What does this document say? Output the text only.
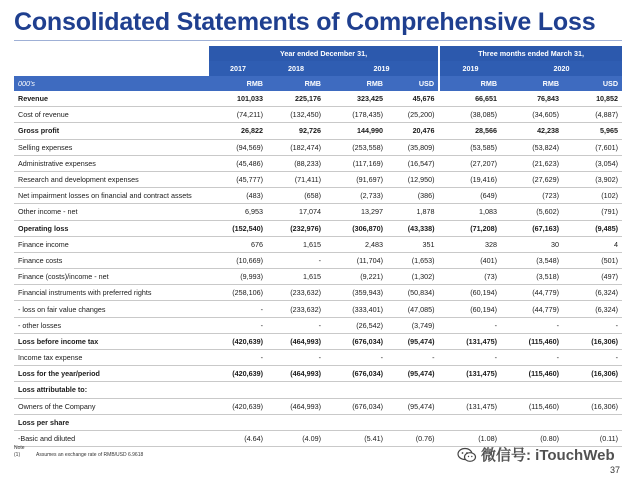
Consolidated Statements of Comprehensive Loss
	Year ended December 31,				Three months ended March 31,		
	2017	2018	2019		2019	2020	
000's	RMB	RMB	RMB	USD	RMB	RMB	USD
Revenue	101,033	225,176	323,425	45,676	66,651	76,843	10,852
Cost of revenue	(74,211)	(132,450)	(178,435)	(25,200)	(38,085)	(34,605)	(4,887)
Gross profit	26,822	92,726	144,990	20,476	28,566	42,238	5,965
Selling expenses	(94,569)	(182,474)	(253,558)	(35,809)	(53,585)	(53,824)	(7,601)
Administrative expenses	(45,486)	(88,233)	(117,169)	(16,547)	(27,207)	(21,623)	(3,054)
Research and development expenses	(45,777)	(71,411)	(91,697)	(12,950)	(19,416)	(27,629)	(3,902)
Net impairment losses on financial and contract assets	(483)	(658)	(2,733)	(386)	(649)	(723)	(102)
Other income - net	6,953	17,074	13,297	1,878	1,083	(5,602)	(791)
Operating loss	(152,540)	(232,976)	(306,870)	(43,338)	(71,208)	(67,163)	(9,485)
Finance income	676	1,615	2,483	351	328	30	4
Finance costs	(10,669)	-	(11,704)	(1,653)	(401)	(3,548)	(501)
Finance (costs)/income - net	(9,993)	1,615	(9,221)	(1,302)	(73)	(3,518)	(497)
Financial instruments with preferred rights	(258,106)	(233,632)	(359,943)	(50,834)	(60,194)	(44,779)	(6,324)
- loss on fair value changes	-	(233,632)	(333,401)	(47,085)	(60,194)	(44,779)	(6,324)
- other losses	-	-	(26,542)	(3,749)	-	-	-
Loss before income tax	(420,639)	(464,993)	(676,034)	(95,474)	(131,475)	(115,460)	(16,306)
Income tax expense	-	-	-	-	-	-	-
Loss for the year/period	(420,639)	(464,993)	(676,034)	(95,474)	(131,475)	(115,460)	(16,306)
Loss attributable to:							
Owners of the Company	(420,639)	(464,993)	(676,034)	(95,474)	(131,475)	(115,460)	(16,306)
Loss per share							
-Basic and diluted	(4.64)	(4.09)	(5.41)	(0.76)	(1.08)	(0.80)	(0.11)
Note
(1)	Assumes an exchange rate of RMB/USD 6.9618	微信号: iTouchWeb
37
